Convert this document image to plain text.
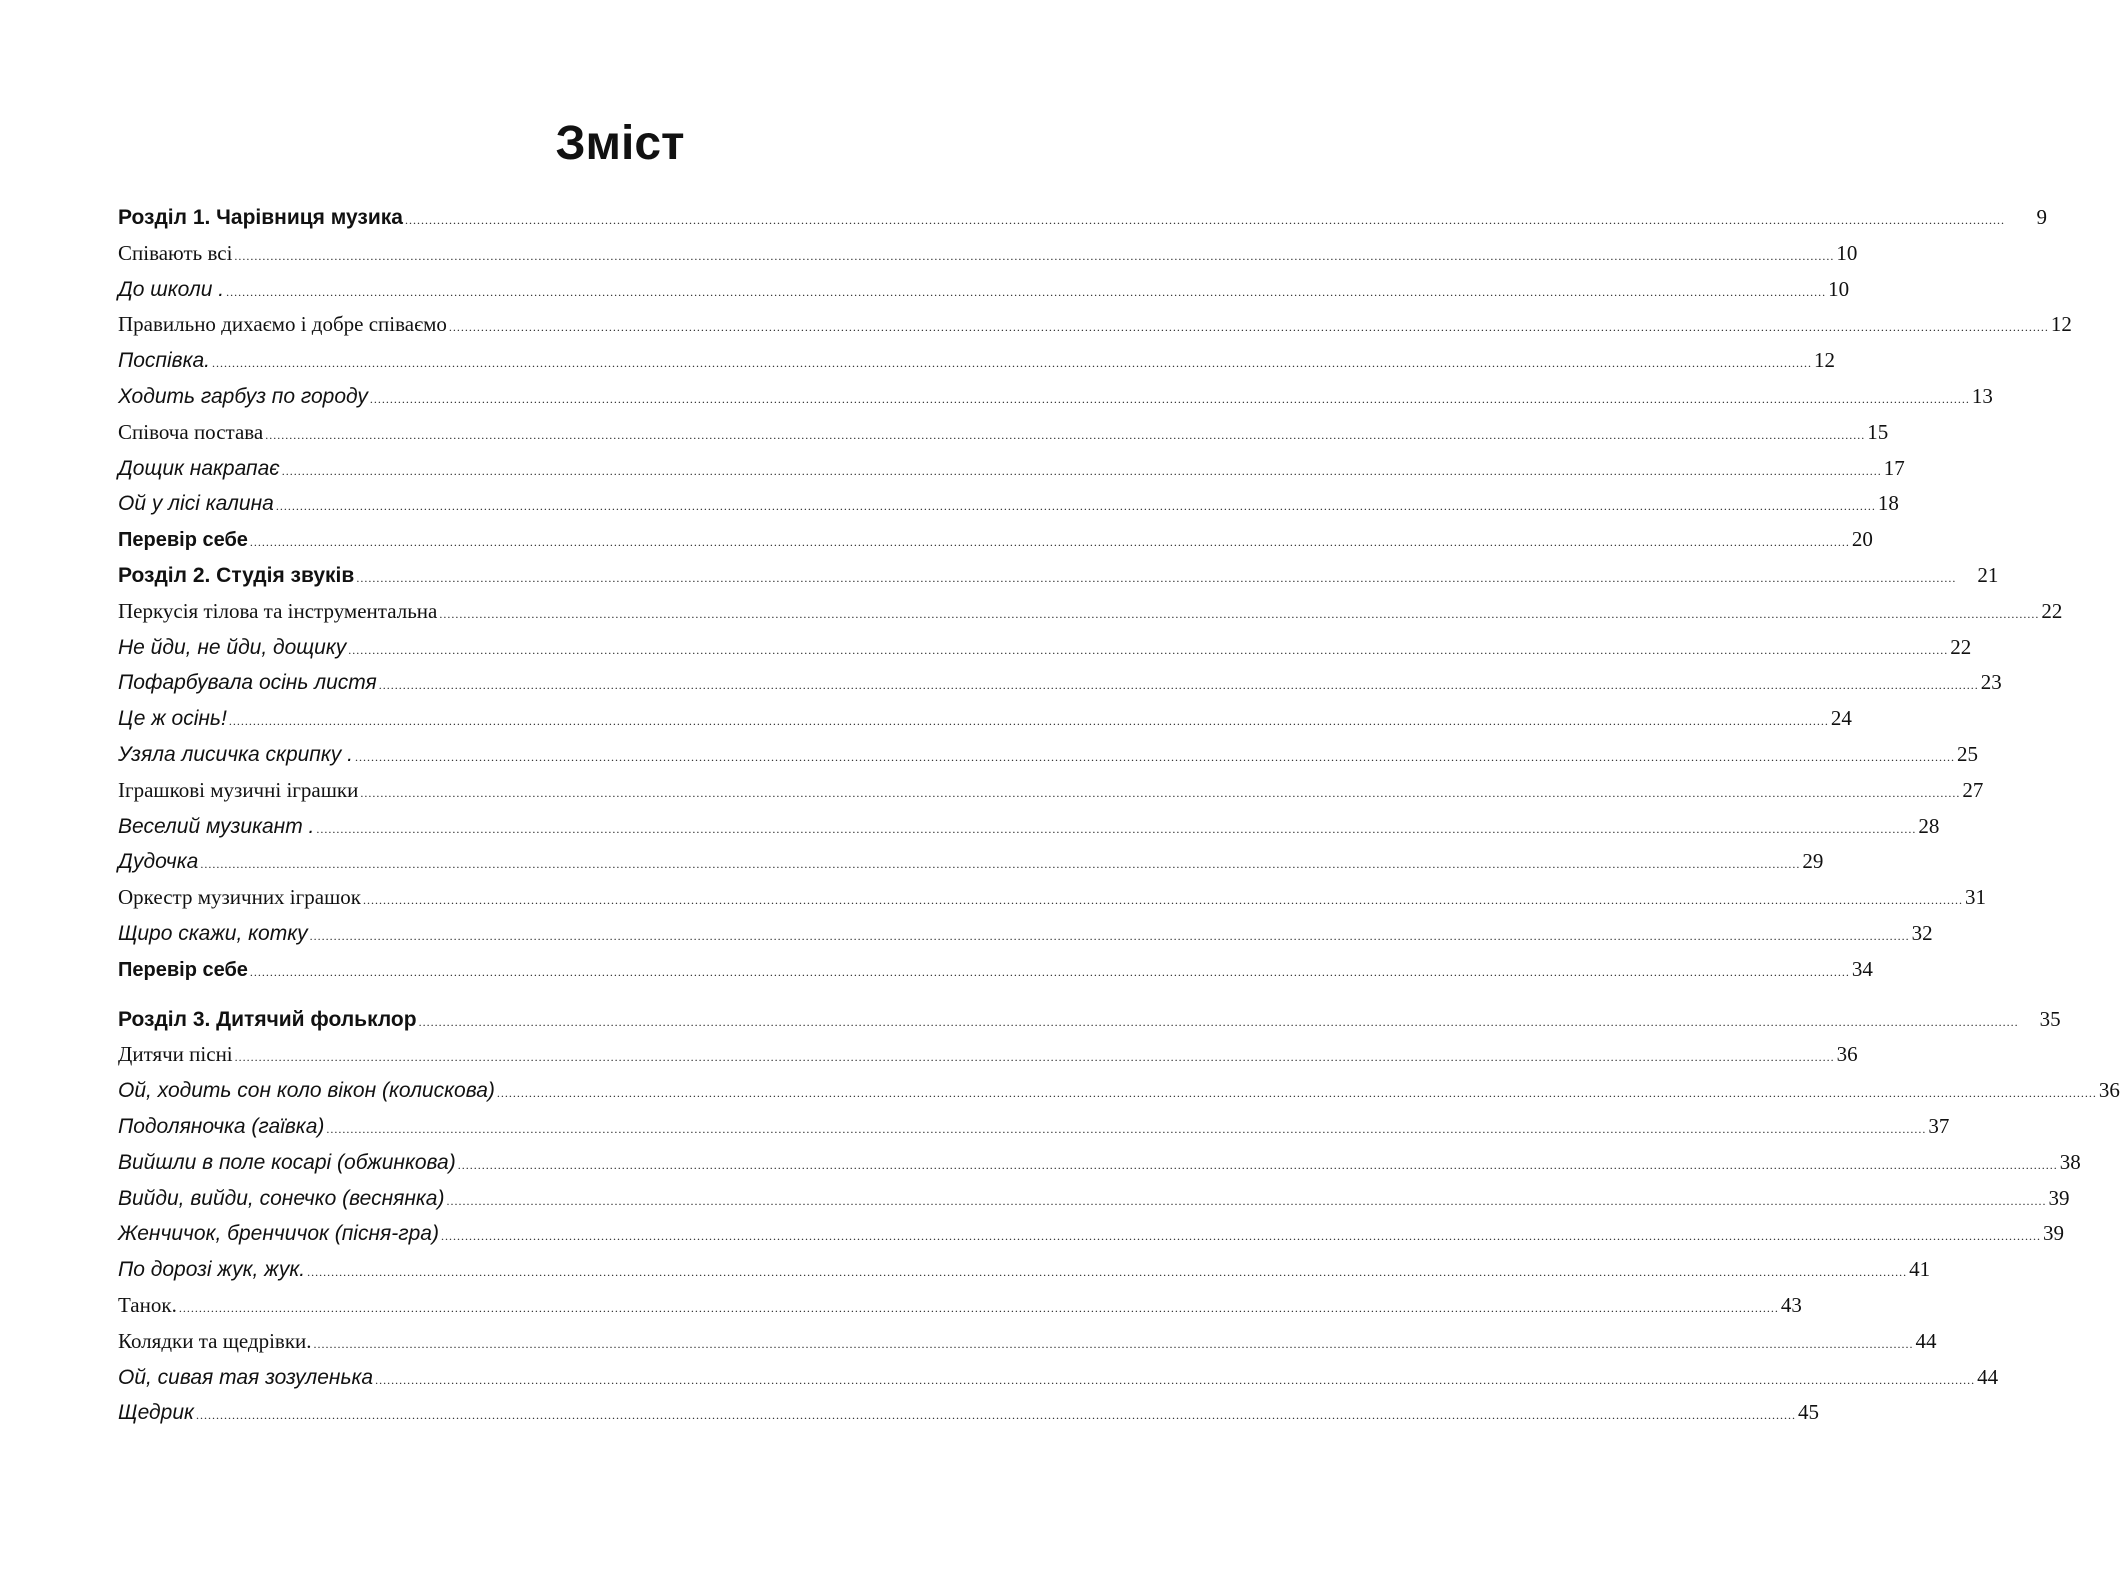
Зміст
Розділ 1. Чарівниця музика ................................................................................................................................................................................................................................................................................................................................................................................................................	9
Співають всі ................................................................................................................................................................................................................................................................................................................................................................................................................ 10
До школи . ................................................................................................................................................................................................................................................................................................................................................................................................................ 10
Правильно дихаємо і добре співаємо ................................................................................................................................................................................................................................................................................................................................................................................................................ 12
Поспівка. ................................................................................................................................................................................................................................................................................................................................................................................................................ 12
Ходить гарбуз по городу ................................................................................................................................................................................................................................................................................................................................................................................................................ 13
Співоча постава ................................................................................................................................................................................................................................................................................................................................................................................................................ 15
Дощик накрапає ................................................................................................................................................................................................................................................................................................................................................................................................................ 17
Ой у лісі калина ................................................................................................................................................................................................................................................................................................................................................................................................................ 18
Перевір себе ................................................................................................................................................................................................................................................................................................................................................................................................................ 20
Розділ 2. Студія звуків ................................................................................................................................................................................................................................................................................................................................................................................................................	21
Перкусія тілова та інструментальна ................................................................................................................................................................................................................................................................................................................................................................................................................ 22
Не йди, не йди, дощику ................................................................................................................................................................................................................................................................................................................................................................................................................ 22
Пофарбувала осінь листя ................................................................................................................................................................................................................................................................................................................................................................................................................ 23
Це ж осінь! ................................................................................................................................................................................................................................................................................................................................................................................................................ 24
Узяла лисичка скрипку . ................................................................................................................................................................................................................................................................................................................................................................................................................ 25
Іграшкові музичні іграшки ................................................................................................................................................................................................................................................................................................................................................................................................................ 27
Веселий музикант . ................................................................................................................................................................................................................................................................................................................................................................................................................ 28
Дудочка ................................................................................................................................................................................................................................................................................................................................................................................................................ 29
Оркестр музичних іграшок ................................................................................................................................................................................................................................................................................................................................................................................................................ 31
Щиро скажи, котку ................................................................................................................................................................................................................................................................................................................................................................................................................ 32
Перевір себе ................................................................................................................................................................................................................................................................................................................................................................................................................ 34
Розділ 3. Дитячий фольклор ................................................................................................................................................................................................................................................................................................................................................................................................................	35
Дитячи пісні ................................................................................................................................................................................................................................................................................................................................................................................................................ 36
Ой, ходить сон коло вікон (колискова) ................................................................................................................................................................................................................................................................................................................................................................................................................ 36
Подоляночка (гаївка) ................................................................................................................................................................................................................................................................................................................................................................................................................ 37
Вийшли в поле косарі (обжинкова) ................................................................................................................................................................................................................................................................................................................................................................................................................ 38
Вийди, вийди, сонечко (веснянка) ................................................................................................................................................................................................................................................................................................................................................................................................................ 39
Женчичок, бренчичок (пісня-гра) ................................................................................................................................................................................................................................................................................................................................................................................................................ 39
По дорозі жук, жук. ................................................................................................................................................................................................................................................................................................................................................................................................................ 41
Танок. ................................................................................................................................................................................................................................................................................................................................................................................................................ 43
Колядки та щедрівки. ................................................................................................................................................................................................................................................................................................................................................................................................................ 44
Ой, сивая тая зозуленька ................................................................................................................................................................................................................................................................................................................................................................................................................ 44
Щедрик ................................................................................................................................................................................................................................................................................................................................................................................................................ 45
